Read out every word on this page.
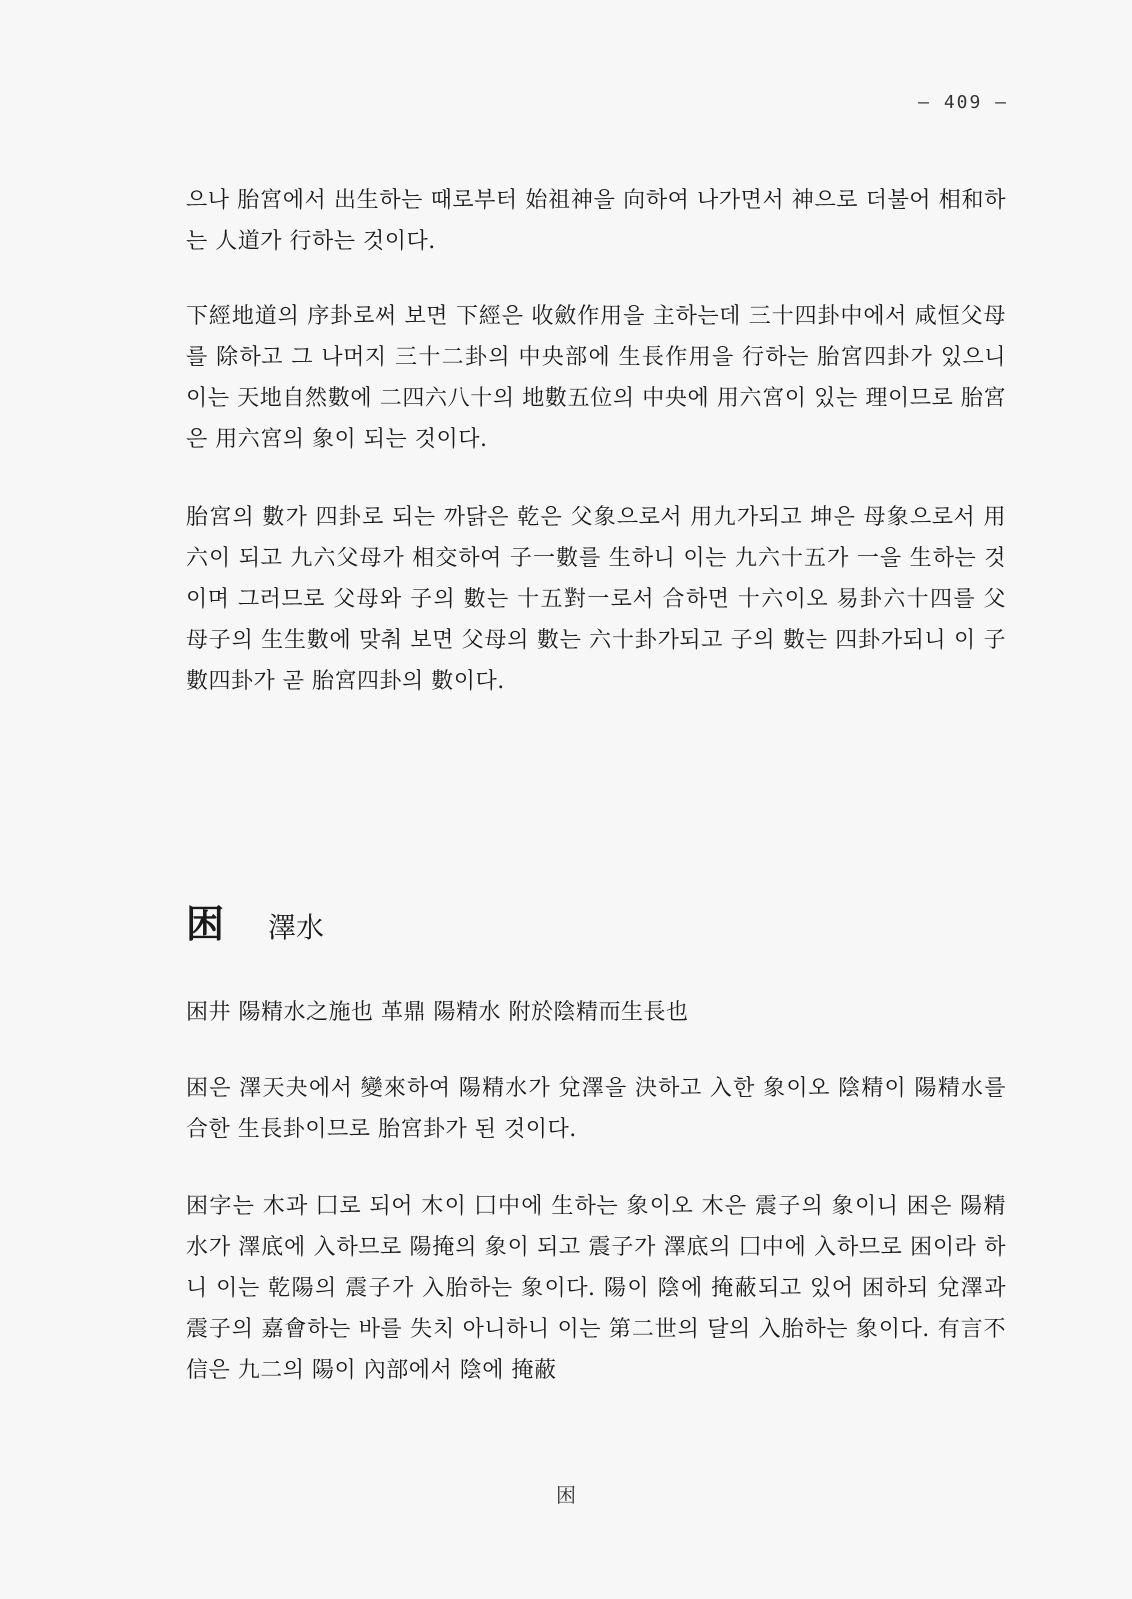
– 409 –

으나 胎宮에서 出生하는 때로부터 始祖神을 向하여 나가면서 神으로 더불어 相和하는 人道가 行하는 것이다.

下經地道의 序卦로써 보면 下經은 收斂作用을 主하는데 三十四卦中에서 咸恒父母를 除하고 그 나머지 三十二卦의 中央部에 生長作用을 行하는 胎宮四卦가 있으니 이는 天地自然數에 二四六八十의 地數五位의 中央에 用六宮이 있는 理이므로 胎宮은 用六宮의 象이 되는 것이다.

胎宮의 數가 四卦로 되는 까닭은 乾은 父象으로서 用九가되고 坤은 母象으로서 用六이 되고 九六父母가 相交하여 子一數를 生하니 이는 九六十五가 一을 生하는 것이며 그러므로 父母와 子의 數는 十五對一로서 合하면 十六이오 易卦六十四를 父母子의 生生數에 맞춰 보면 父母의 數는 六十卦가되고 子의 數는 四卦가되니 이 子數四卦가 곧 胎宮四卦의 數이다.

困 澤水

困井 陽精水之施也 革鼎 陽精水 附於陰精而生長也

困은 澤天夬에서 變來하여 陽精水가 兌澤을 決하고 入한 象이오 陰精이 陽精水를 合한 生長卦이므로 胎宮卦가 된 것이다.

困字는 木과 囗로 되어 木이 囗中에 生하는 象이오 木은 震子의 象이니 困은 陽精水가 澤底에 入하므로 陽掩의 象이 되고 震子가 澤底의 囗中에 入하므로 困이라 하니 이는 乾陽의 震子가 入胎하는 象이다. 陽이 陰에 掩蔽되고 있어 困하되 兌澤과 震子의 嘉會하는 바를 失치 아니하니 이는 第二世의 달의 入胎하는 象이다. 有言不信은 九二의 陽이 內部에서 陰에 掩蔽

困
